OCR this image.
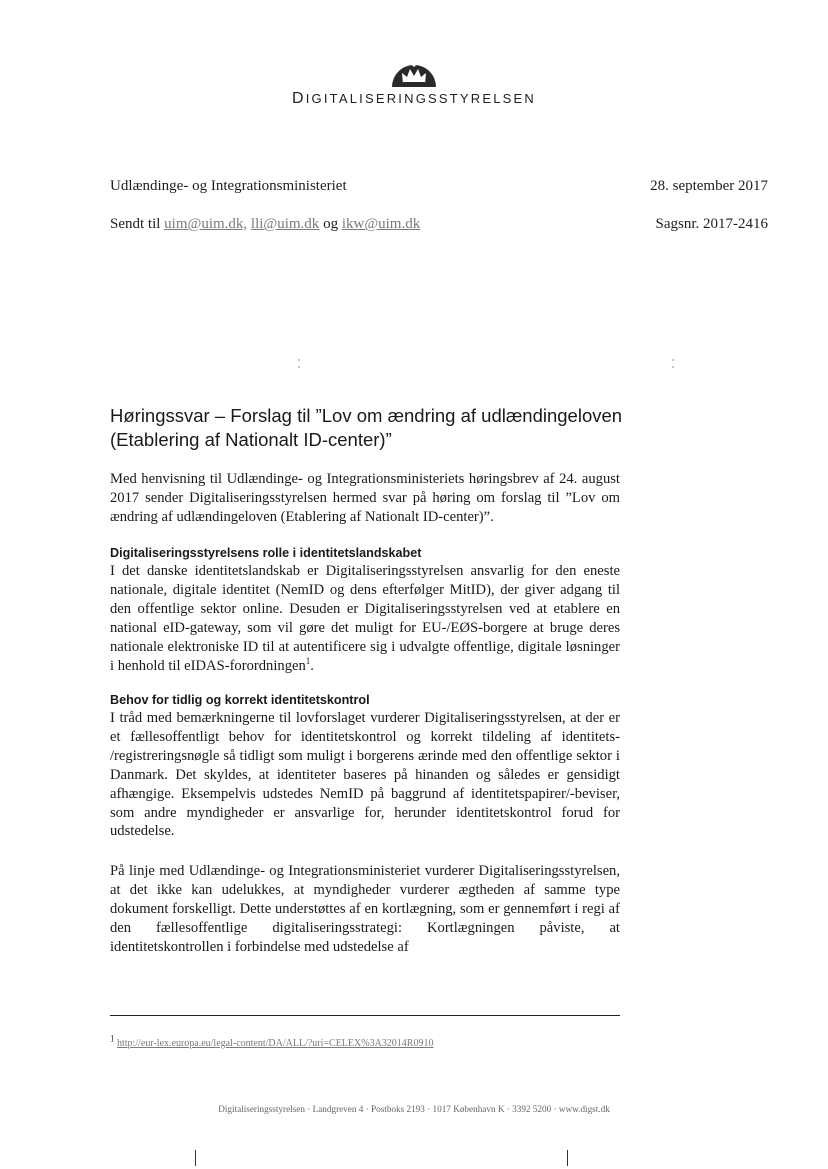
DIGITALISERINGSSTYRELSEN
Udlændinge- og Integrationsministeriet	28. september 2017
Sendt til uim@uim.dk, lli@uim.dk og ikw@uim.dk	Sagsnr. 2017-2416
Høringssvar – Forslag til ”Lov om ændring af udlændingeloven
(Etablering af Nationalt ID-center)”

Med henvisning til Udlændinge- og Integrationsministeriets høringsbrev af 24. august 2017 sender Digitaliseringsstyrelsen hermed svar på høring om forslag til ”Lov om ændring af udlændingeloven (Etablering af Nationalt ID-center)”.

Digitaliseringsstyrelsens rolle i identitetslandskabet

I det danske identitetslandskab er Digitaliseringsstyrelsen ansvarlig for den eneste nationale, digitale identitet (NemID og dens efterfølger MitID), der giver adgang til den offentlige sektor online. Desuden er Digitaliseringsstyrelsen ved at etablere en national eID-gateway, som vil gøre det muligt for EU-/EØS-borgere at bruge deres nationale elektroniske ID til at autentificere sig i udvalgte offentlige, digitale løsninger i henhold til eIDAS-forordningen$^1$.

Behov for tidlig og korrekt identitetskontrol

I tråd med bemærkningerne til lovforslaget vurderer Digitaliseringsstyrelsen, at der er et fællesoffentligt behov for identitetskontrol og korrekt tildeling af identitets- /registreringsnøgle så tidligt som muligt i borgerens ærinde med den offentlige sektor i Danmark. Det skyldes, at identiteter baseres på hinanden og således er gensidigt afhængige. Eksempelvis udstedes NemID på baggrund af identitetspapirer/-beviser, som andre myndigheder er ansvarlige for, herunder identitetskontrol forud for udstedelse.

På linje med Udlændinge- og Integrationsministeriet vurderer Digitaliseringsstyrelsen, at det ikke kan udelukkes, at myndigheder vurderer ægtheden af samme type dokument forskelligt. Dette understøttes af en kortlægning, som er gennemført i regi af den fællesoffentlige digitaliseringsstrategi: Kortlægningen påviste, at identitetskontrollen i forbindelse med udstedelse af

$^1$ http://eur-lex.europa.eu/legal-content/DA/ALL/?uri=CELEX%3A32014R0910
Digitaliseringsstyrelsen · Landgreven 4 · Postboks 2193 · 1017 København K · 3392 5200 · www.digst.dk
